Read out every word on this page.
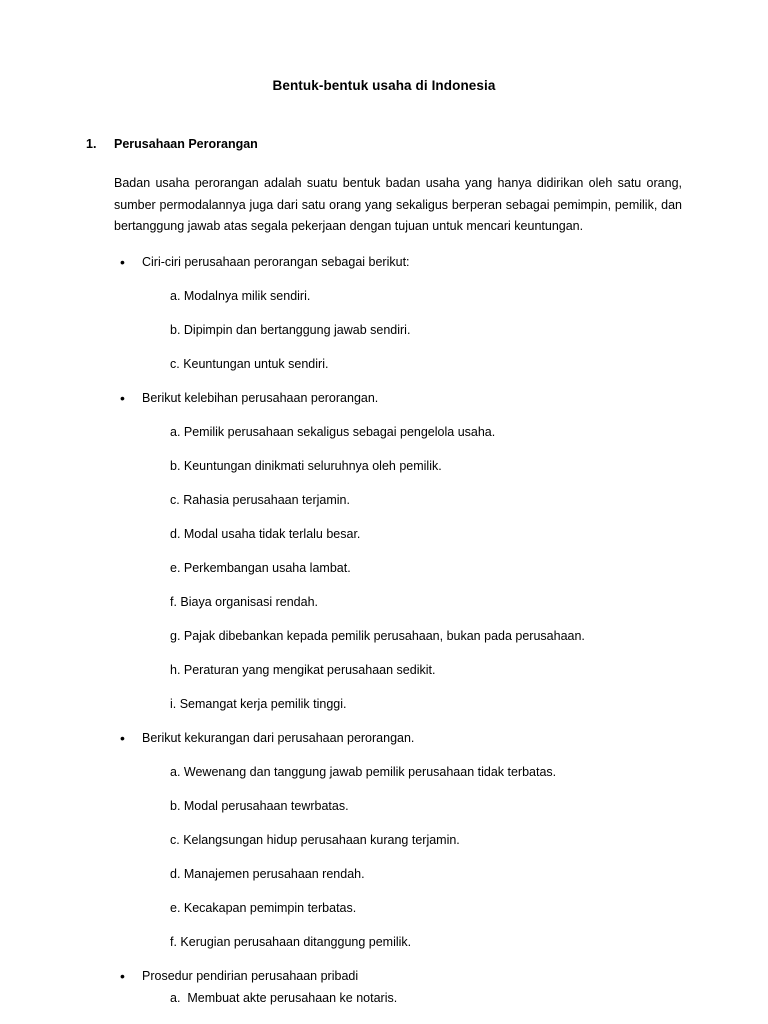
Bentuk-bentuk usaha di Indonesia
1.	Perusahaan Perorangan

Badan usaha perorangan adalah suatu bentuk badan usaha yang hanya didirikan oleh satu orang, sumber permodalannya juga dari satu orang yang sekaligus berperan sebagai pemimpin, pemilik, dan bertanggung jawab atas segala pekerjaan dengan tujuan untuk mencari keuntungan.

• Ciri-ciri perusahaan perorangan sebagai berikut:
a. Modalnya milik sendiri.
b. Dipimpin dan bertanggung jawab sendiri.
c. Keuntungan untuk sendiri.
• Berikut kelebihan perusahaan perorangan.
a. Pemilik perusahaan sekaligus sebagai pengelola usaha.
b. Keuntungan dinikmati seluruhnya oleh pemilik.
c. Rahasia perusahaan terjamin.
d. Modal usaha tidak terlalu besar.
e. Perkembangan usaha lambat.
f. Biaya organisasi rendah.
g. Pajak dibebankan kepada pemilik perusahaan, bukan pada perusahaan.
h. Peraturan yang mengikat perusahaan sedikit.
i. Semangat kerja pemilik tinggi.
• Berikut kekurangan dari perusahaan perorangan.
a. Wewenang dan tanggung jawab pemilik perusahaan tidak terbatas.
b. Modal perusahaan tewrbatas.
c. Kelangsungan hidup perusahaan kurang terjamin.
d. Manajemen perusahaan rendah.
e. Kecakapan pemimpin terbatas.
f. Kerugian perusahaan ditanggung pemilik.
• Prosedur pendirian perusahaan pribadi
a.  Membuat akte perusahaan ke notaris.
